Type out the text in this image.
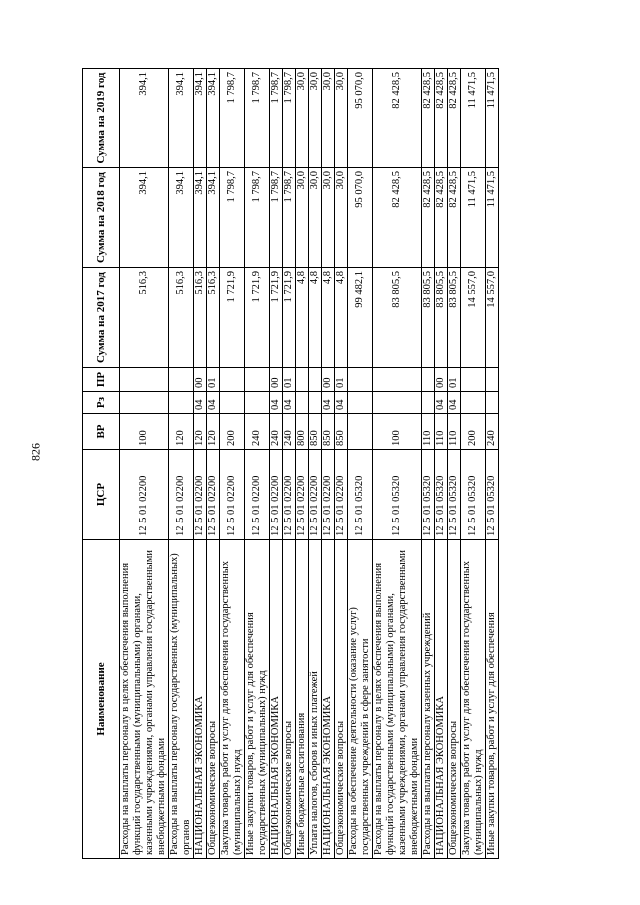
826
Наименование	ЦСР	ВР	Рз	ПР	Сумма на 2017 год	Сумма на 2018 год	Сумма на 2019 год
Расходы на выплаты персоналу в целях обеспечения выполнения функций государственными (муниципальными) органами, казенными учреждениями, органами управления государственными внебюджетными фондами	12 5 01 02200	100			516,3	394,1	394,1
Расходы на выплаты персоналу государственных (муниципальных) органов	12 5 01 02200	120			516,3	394,1	394,1
НАЦИОНАЛЬНАЯ ЭКОНОМИКА	12 5 01 02200	120	04	00	516,3	394,1	394,1
Общеэкономические вопросы	12 5 01 02200	120	04	01	516,3	394,1	394,1
Закупка товаров, работ и услуг для обеспечения государственных (муниципальных) нужд	12 5 01 02200	200			1 721,9	1 798,7	1 798,7
Иные закупки товаров, работ и услуг для обеспечения государственных (муниципальных) нужд	12 5 01 02200	240			1 721,9	1 798,7	1 798,7
НАЦИОНАЛЬНАЯ ЭКОНОМИКА	12 5 01 02200	240	04	00	1 721,9	1 798,7	1 798,7
Общеэкономические вопросы	12 5 01 02200	240	04	01	1 721,9	1 798,7	1 798,7
Иные бюджетные ассигнования	12 5 01 02200	800			4,8	30,0	30,0
Уплата налогов, сборов и иных платежей	12 5 01 02200	850			4,8	30,0	30,0
НАЦИОНАЛЬНАЯ ЭКОНОМИКА	12 5 01 02200	850	04	00	4,8	30,0	30,0
Общеэкономические вопросы	12 5 01 02200	850	04	01	4,8	30,0	30,0
Расходы на обеспечение деятельности (оказание услуг) государственных учреждений в сфере занятости	12 5 01 05320				99 482,1	95 070,0	95 070,0
Расходы на выплаты персоналу в целях обеспечения выполнения функций государственными (муниципальными) органами, казенными учреждениями, органами управления государственными внебюджетными фондами	12 5 01 05320	100			83 805,5	82 428,5	82 428,5
Расходы на выплаты персоналу казенных учреждений	12 5 01 05320	110			83 805,5	82 428,5	82 428,5
НАЦИОНАЛЬНАЯ ЭКОНОМИКА	12 5 01 05320	110	04	00	83 805,5	82 428,5	82 428,5
Общеэкономические вопросы	12 5 01 05320	110	04	01	83 805,5	82 428,5	82 428,5
Закупка товаров, работ и услуг для обеспечения государственных (муниципальных) нужд	12 5 01 05320	200			14 557,0	11 471,5	11 471,5
Иные закупки товаров, работ и услуг для обеспечения	12 5 01 05320	240			14 557,0	11 471,5	11 471,5
